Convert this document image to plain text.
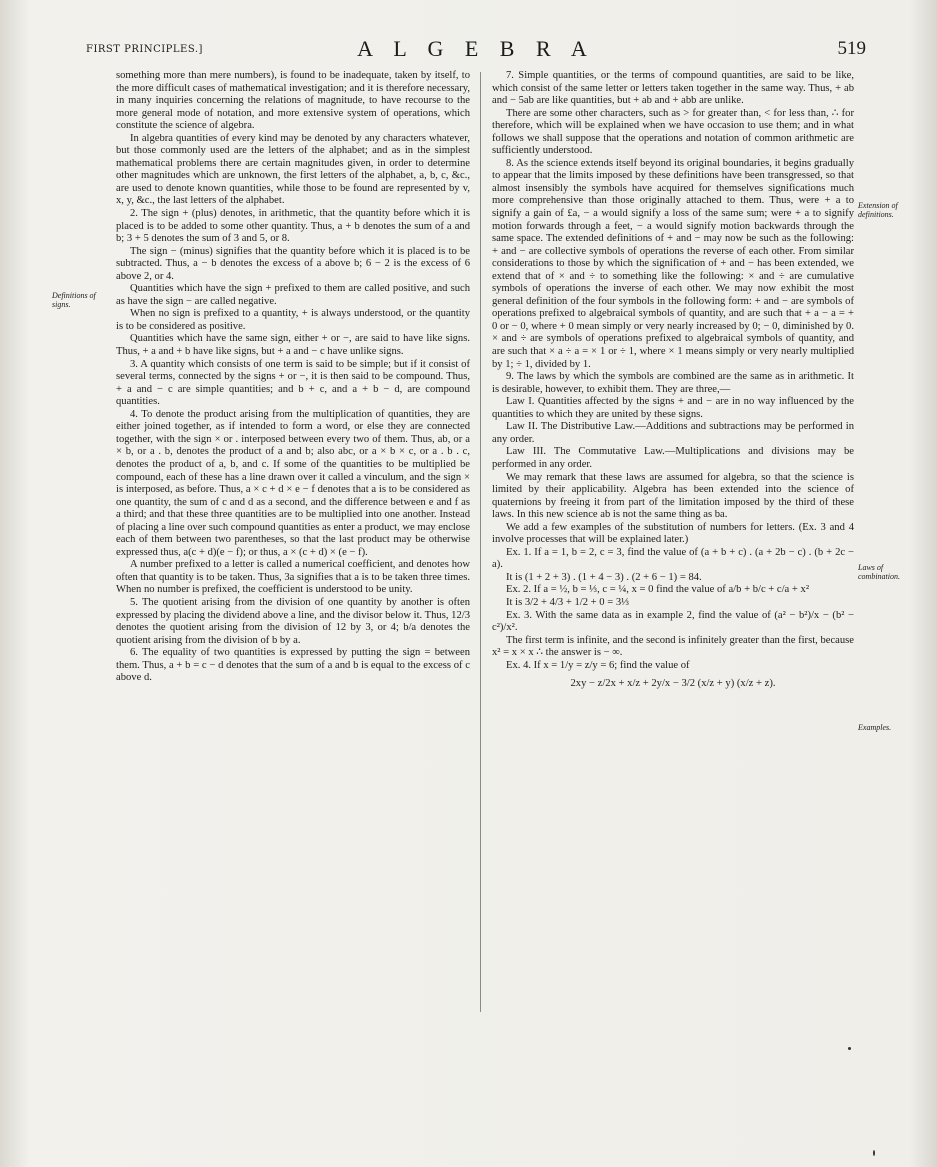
FIRST PRINCIPLES.]	A L G E B R A	519
Definitions of signs.
Extension of definitions.
Laws of combination.
Examples.

something more than mere numbers), is found to be inadequate, taken by itself, to the more difficult cases of mathematical investigation; and it is therefore necessary, in many inquiries concerning the relations of magnitude, to have recourse to the more general mode of notation, and more extensive system of operations, which constitute the science of algebra.

In algebra quantities of every kind may be denoted by any characters whatever, but those commonly used are the letters of the alphabet; and as in the simplest mathematical problems there are certain magnitudes given, in order to determine other magnitudes which are unknown, the first letters of the alphabet, a, b, c, &c., are used to denote known quantities, while those to be found are represented by v, x, y, &c., the last letters of the alphabet.

2. The sign + (plus) denotes, in arithmetic, that the quantity before which it is placed is to be added to some other quantity. Thus, a + b denotes the sum of a and b; 3 + 5 denotes the sum of 3 and 5, or 8.

The sign − (minus) signifies that the quantity before which it is placed is to be subtracted. Thus, a − b denotes the excess of a above b; 6 − 2 is the excess of 6 above 2, or 4.

Quantities which have the sign + prefixed to them are called positive, and such as have the sign − are called negative.

When no sign is prefixed to a quantity, + is always understood, or the quantity is to be considered as positive.

Quantities which have the same sign, either + or −, are said to have like signs. Thus, + a and + b have like signs, but + a and − c have unlike signs.

3. A quantity which consists of one term is said to be simple; but if it consist of several terms, connected by the signs + or −, it is then said to be compound. Thus, + a and − c are simple quantities; and b + c, and a + b − d, are compound quantities.

4. To denote the product arising from the multiplication of quantities, they are either joined together, as if intended to form a word, or else they are connected together, with the sign × or . interposed between every two of them. Thus, ab, or a × b, or a . b, denotes the product of a and b; also abc, or a × b × c, or a . b . c, denotes the product of a, b, and c. If some of the quantities to be multiplied be compound, each of these has a line drawn over it called a vinculum, and the sign × is interposed, as before. Thus, a × c + d × e − f denotes that a is to be considered as one quantity, the sum of c and d as a second, and the difference between e and f as a third; and that these three quantities are to be multiplied into one another. Instead of placing a line over such compound quantities as enter a product, we may enclose each of them between two parentheses, so that the last product may be otherwise expressed thus, a(c + d)(e − f); or thus, a × (c + d) × (e − f).

A number prefixed to a letter is called a numerical coefficient, and denotes how often that quantity is to be taken. Thus, 3a signifies that a is to be taken three times. When no number is prefixed, the coefficient is understood to be unity.

5. The quotient arising from the division of one quantity by another is often expressed by placing the dividend above a line, and the divisor below it. Thus, 12/3 denotes the quotient arising from the division of 12 by 3, or 4; b/a denotes the quotient arising from the division of b by a.

6. The equality of two quantities is expressed by putting the sign = between them. Thus, a + b = c − d denotes that the sum of a and b is equal to the excess of c above d.

7. Simple quantities, or the terms of compound quantities, are said to be like, which consist of the same letter or letters taken together in the same way. Thus, + ab and − 5ab are like quantities, but + ab and + abb are unlike.

There are some other characters, such as > for greater than, < for less than, ∴ for therefore, which will be explained when we have occasion to use them; and in what follows we shall suppose that the operations and notation of common arithmetic are sufficiently understood.

8. As the science extends itself beyond its original boundaries, it begins gradually to appear that the limits imposed by these definitions have been transgressed, so that almost insensibly the symbols have acquired for themselves significations much more comprehensive than those originally attached to them. Thus, were + a to signify a gain of £a, − a would signify a loss of the same sum; were + a to signify motion forwards through a feet, − a would signify motion backwards through the same space. The extended definitions of + and − may now be such as the following: + and − are collective symbols of operations the reverse of each other. From similar considerations to those by which the signification of + and − has been extended, we extend that of × and ÷ to something like the following: × and ÷ are cumulative symbols of operations the inverse of each other. We may now exhibit the most general definition of the four symbols in the following form: + and − are symbols of operations prefixed to algebraical symbols of quantity, and are such that + a − a = + 0 or − 0, where + 0 mean simply or very nearly increased by 0; − 0, diminished by 0. × and ÷ are symbols of operations prefixed to algebraical symbols of quantity, and are such that × a ÷ a = × 1 or ÷ 1, where × 1 means simply or very nearly multiplied by 1; ÷ 1, divided by 1.

9. The laws by which the symbols are combined are the same as in arithmetic. It is desirable, however, to exhibit them. They are three,—

Law I. Quantities affected by the signs + and − are in no way influenced by the quantities to which they are united by these signs.

Law II. The Distributive Law.—Additions and subtractions may be performed in any order.

Law III. The Commutative Law.—Multiplications and divisions may be performed in any order.

We may remark that these laws are assumed for algebra, so that the science is limited by their applicability. Algebra has been extended into the science of quaternions by freeing it from part of the limitation imposed by the third of these laws. In this new science ab is not the same thing as ba.

We add a few examples of the substitution of numbers for letters. (Ex. 3 and 4 involve processes that will be explained later.)

Ex. 1. If a = 1, b = 2, c = 3, find the value of (a + b + c) . (a + 2b − c) . (b + 2c − a).

It is (1 + 2 + 3) . (1 + 4 − 3) . (2 + 6 − 1) = 84.

Ex. 2. If a = ½, b = ⅓, c = ¼, x = 0 find the value of a/b + b/c + c/a + x²

It is 3/2 + 4/3 + 1/2 + 0 = 3⅓

Ex. 3. With the same data as in example 2, find the value of (a² − b²)/x − (b² − c²)/x².

The first term is infinite, and the second is infinitely greater than the first, because x² = x × x ∴ the answer is − ∞.

Ex. 4. If x = 1/y = z/y = 6; find the value of

2xy − z/2x + x/z + 2y/x − 3/2 (x/z + y) (x/z + z).
